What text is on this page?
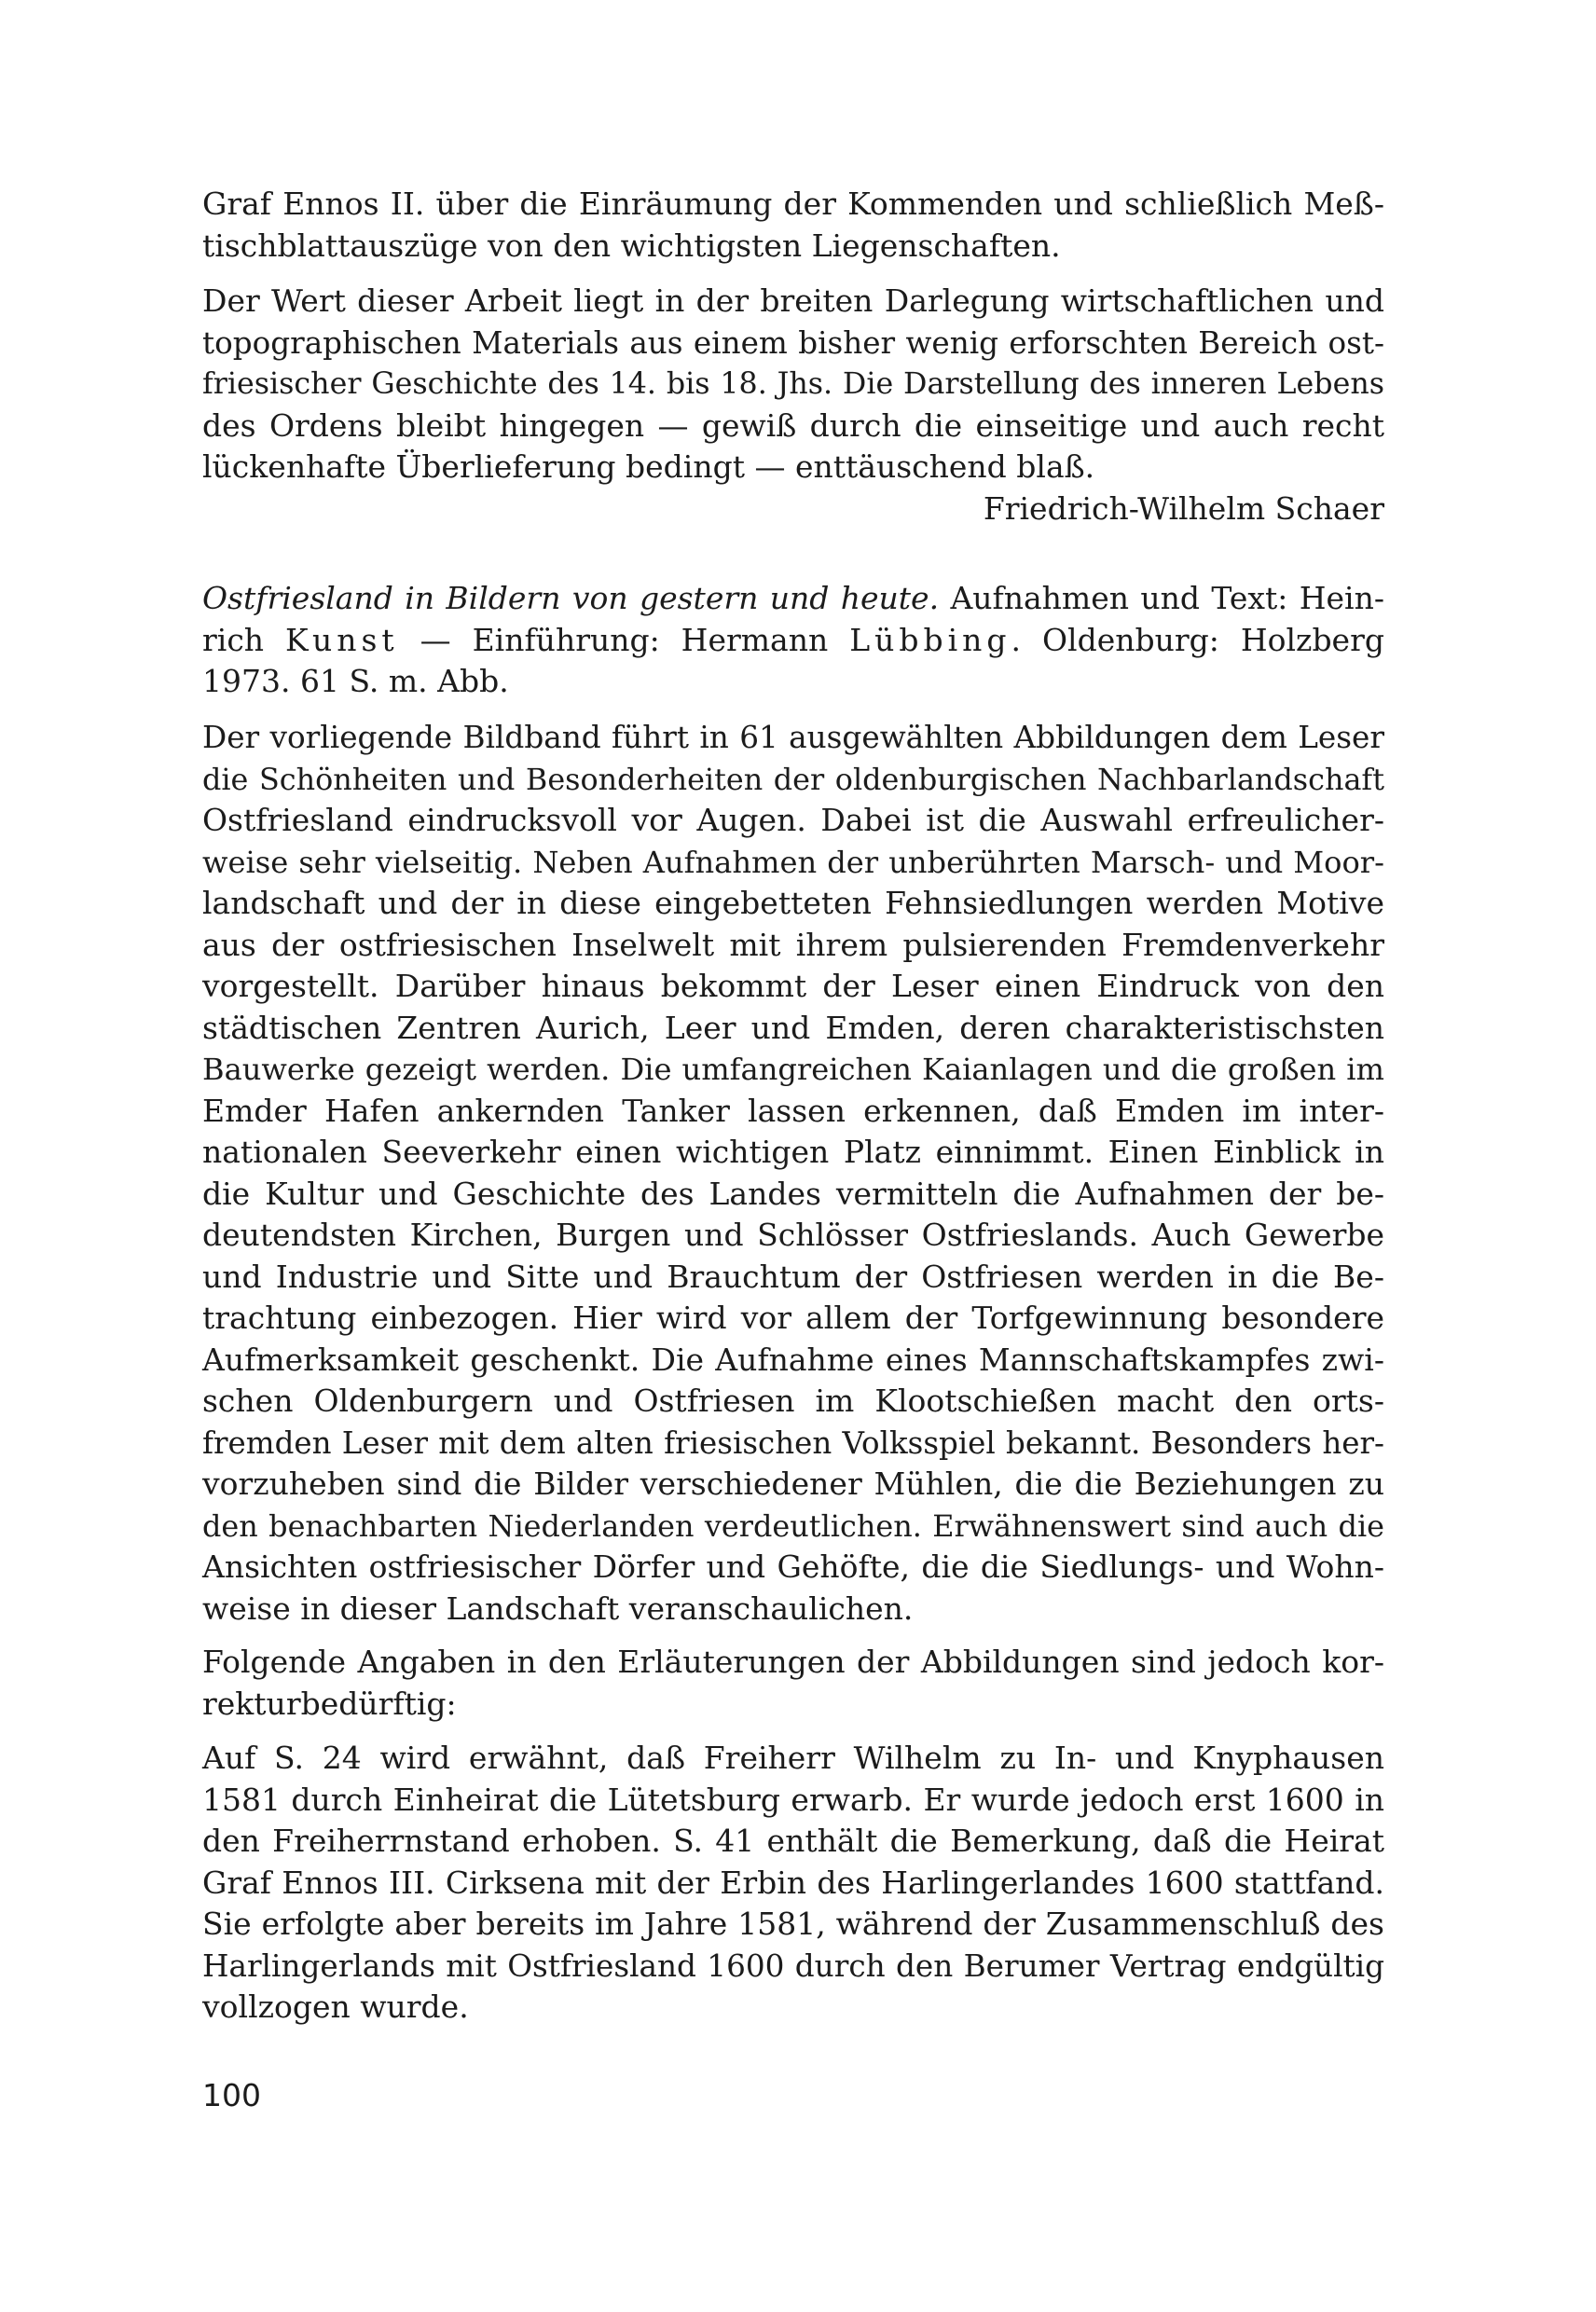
Graf Ennos II. über die Einräumung der Kommenden und schließlich Meß-
tischblattauszüge von den wichtigsten Liegenschaften.
Der Wert dieser Arbeit liegt in der breiten Darlegung wirtschaftlichen und
topographischen Materials aus einem bisher wenig erforschten Bereich ost-
friesischer Geschichte des 14. bis 18. Jhs. Die Darstellung des inneren Lebens
des Ordens bleibt hingegen — gewiß durch die einseitige und auch recht
lückenhafte Überlieferung bedingt — enttäuschend blaß.
Friedrich-Wilhelm Schaer
Ostfriesland in Bildern von gestern und heute. Aufnahmen und Text: Hein-
rich Kunst — Einführung: Hermann Lübbing. Oldenburg: Holzberg
1973. 61 S. m. Abb.
Der vorliegende Bildband führt in 61 ausgewählten Abbildungen dem Leser
die Schönheiten und Besonderheiten der oldenburgischen Nachbarlandschaft
Ostfriesland eindrucksvoll vor Augen. Dabei ist die Auswahl erfreulicher-
weise sehr vielseitig. Neben Aufnahmen der unberührten Marsch- und Moor-
landschaft und der in diese eingebetteten Fehnsiedlungen werden Motive
aus der ostfriesischen Inselwelt mit ihrem pulsierenden Fremdenverkehr
vorgestellt. Darüber hinaus bekommt der Leser einen Eindruck von den
städtischen Zentren Aurich, Leer und Emden, deren charakteristischsten
Bauwerke gezeigt werden. Die umfangreichen Kaianlagen und die großen im
Emder Hafen ankernden Tanker lassen erkennen, daß Emden im inter-
nationalen Seeverkehr einen wichtigen Platz einnimmt. Einen Einblick in
die Kultur und Geschichte des Landes vermitteln die Aufnahmen der be-
deutendsten Kirchen, Burgen und Schlösser Ostfrieslands. Auch Gewerbe
und Industrie und Sitte und Brauchtum der Ostfriesen werden in die Be-
trachtung einbezogen. Hier wird vor allem der Torfgewinnung besondere
Aufmerksamkeit geschenkt. Die Aufnahme eines Mannschaftskampfes zwi-
schen Oldenburgern und Ostfriesen im Klootschießen macht den orts-
fremden Leser mit dem alten friesischen Volksspiel bekannt. Besonders her-
vorzuheben sind die Bilder verschiedener Mühlen, die die Beziehungen zu
den benachbarten Niederlanden verdeutlichen. Erwähnenswert sind auch die
Ansichten ostfriesischer Dörfer und Gehöfte, die die Siedlungs- und Wohn-
weise in dieser Landschaft veranschaulichen.
Folgende Angaben in den Erläuterungen der Abbildungen sind jedoch kor-
rekturbedürftig:
Auf S. 24 wird erwähnt, daß Freiherr Wilhelm zu In- und Knyphausen
1581 durch Einheirat die Lütetsburg erwarb. Er wurde jedoch erst 1600 in
den Freiherrnstand erhoben. S. 41 enthält die Bemerkung, daß die Heirat
Graf Ennos III. Cirksena mit der Erbin des Harlingerlandes 1600 stattfand.
Sie erfolgte aber bereits im Jahre 1581, während der Zusammenschluß des
Harlingerlands mit Ostfriesland 1600 durch den Berumer Vertrag endgültig
vollzogen wurde.
100
